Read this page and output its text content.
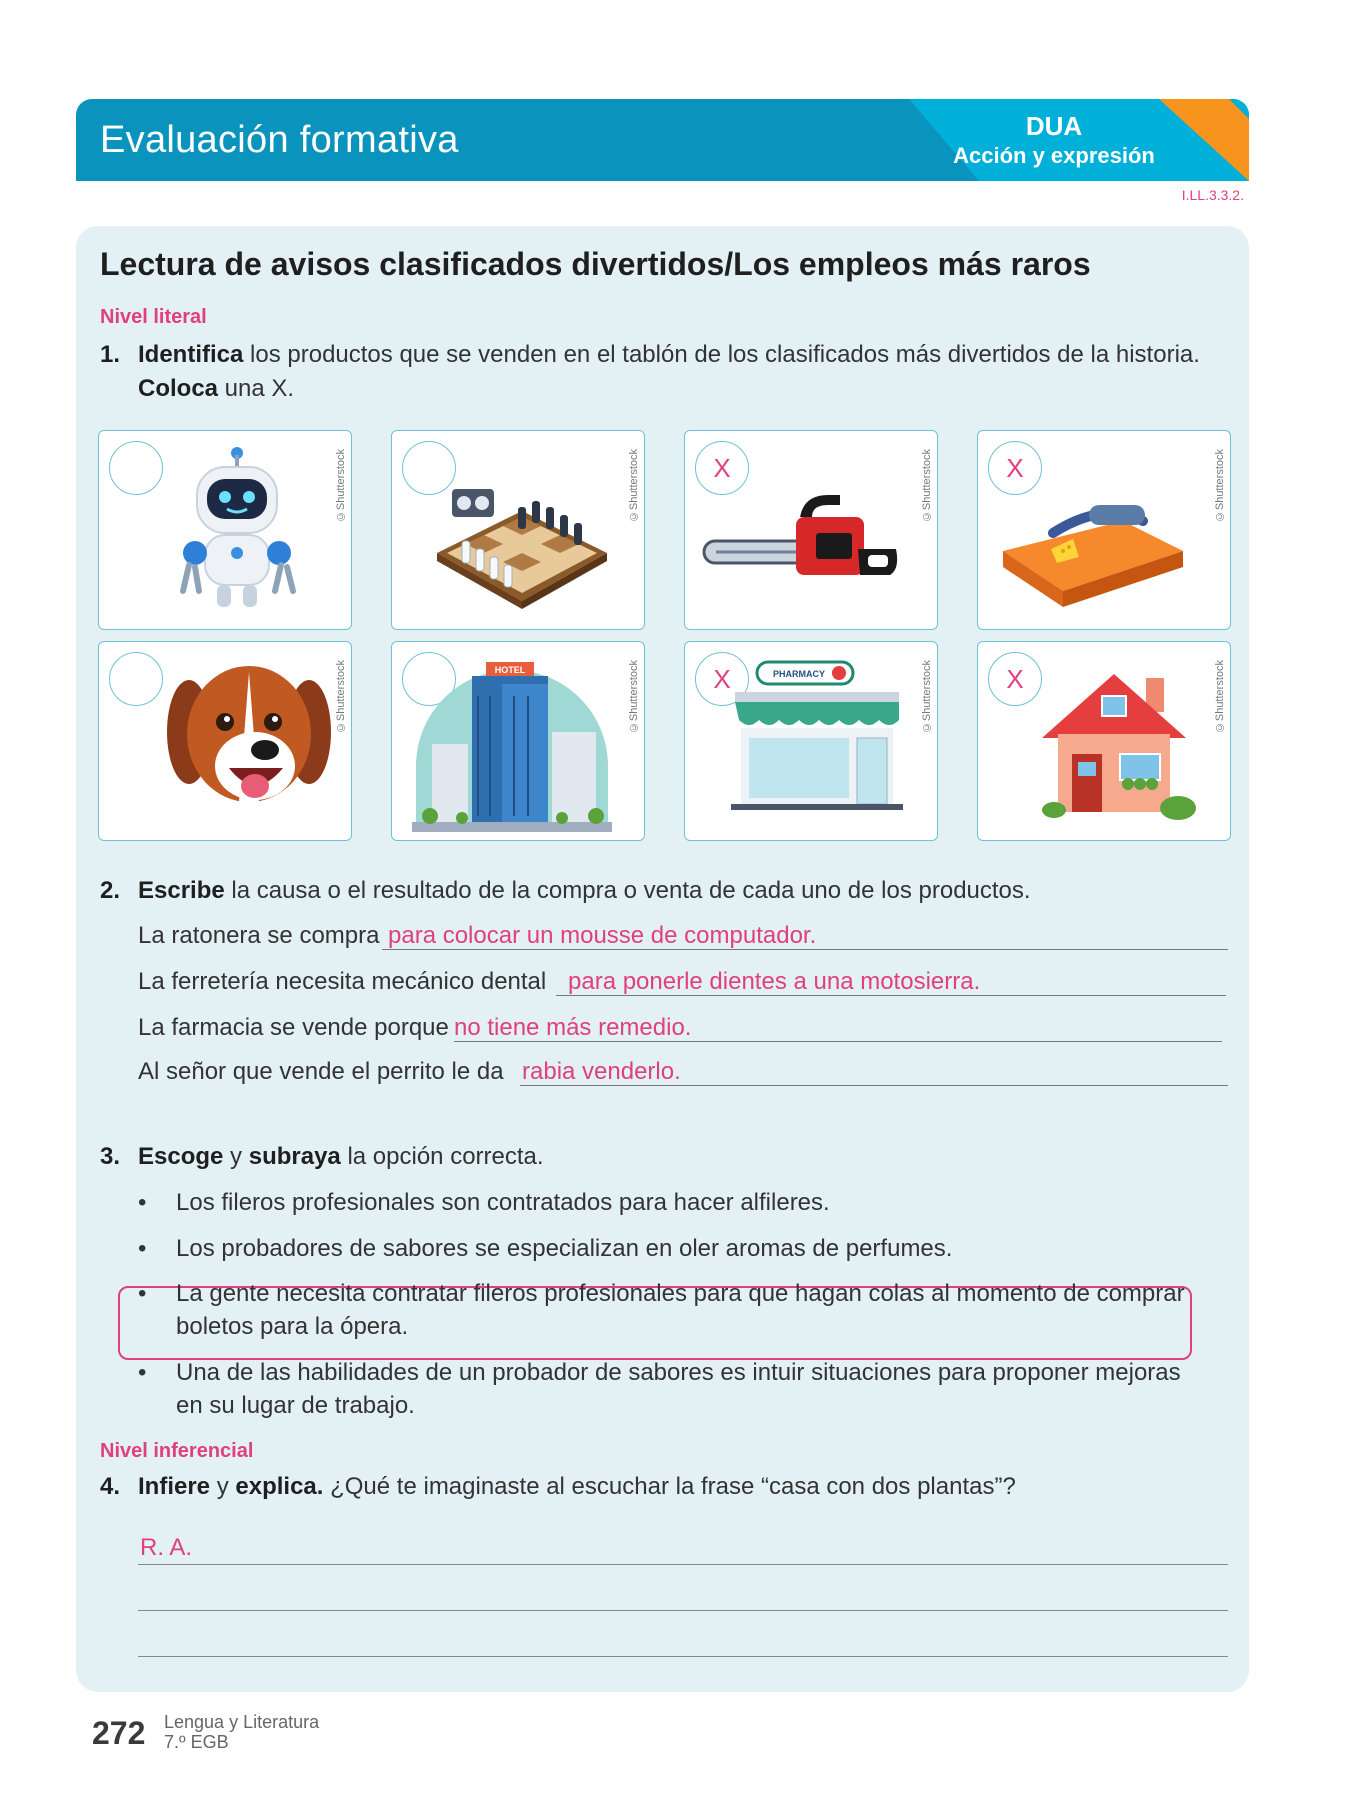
Evaluación formativa	DUA
Acción y expresión
I.LL.3.3.2.
Lectura de avisos clasificados divertidos/Los empleos más raros
Nivel literal
1. Identifica los productos que se venden en el tablón de los clasificados más divertidos de la historia.
Coloca una X.
©Shutterstock	©Shutterstock	X	©Shutterstock	X	©Shutterstock
©Shutterstock	©Shutterstock
HOTEL	X	©Shutterstock
PHARMACY	X	©Shutterstock
2. Escribe la causa o el resultado de la compra o venta de cada uno de los productos.
La ratonera se compra para colocar un mousse de computador.
La ferretería necesita mecánico dental para ponerle dientes a una motosierra.
La farmacia se vende porque no tiene más remedio.
Al señor que vende el perrito le da rabia venderlo.
3. Escoge y subraya la opción correcta.
•	Los fileros profesionales son contratados para hacer alfileres.
•	Los probadores de sabores se especializan en oler aromas de perfumes.
•	La gente necesita contratar fileros profesionales para que hagan colas al momento de comprar boletos para la ópera.
•	Una de las habilidades de un probador de sabores es intuir situaciones para proponer mejoras en su lugar de trabajo.
Nivel inferencial
4. Infiere y explica. ¿Qué te imaginaste al escuchar la frase “casa con dos plantas”?
R. A.
272 Lengua y Literatura
7.º EGB
